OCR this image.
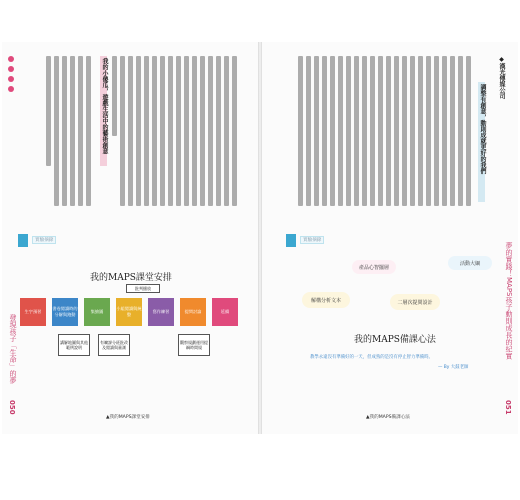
我的小傻瓜，遊戲生活中的藝術創意
實驗摘錄
我的MAPS課堂安排
批判播放
生字預習
書卷閱讀時的分解與跑動
集繪圖
小組閱讀與統整
寫作練習	提問討論	延續
講解地圖與其他範例說明
有曠課分班批改及閱讀與量測
觀察規劃運用提綱時間規
▲我的MAPS課堂安排
發現孩子「生命」的夢
050
◆漢光傳媒公司
調整有創意，動則成就更好的我們
實驗摘錄
產品心智擺層
活動大綱
解構分析文本	二層次提問設計
我的MAPS備課心法
教學永遠沒有準備好的一天，但成熟的是沒有停止智力準備時。
— By 大鼓老師
▲我的MAPS備課心法
夢的實踐！MAPS孩子動則成長的紀實
051
